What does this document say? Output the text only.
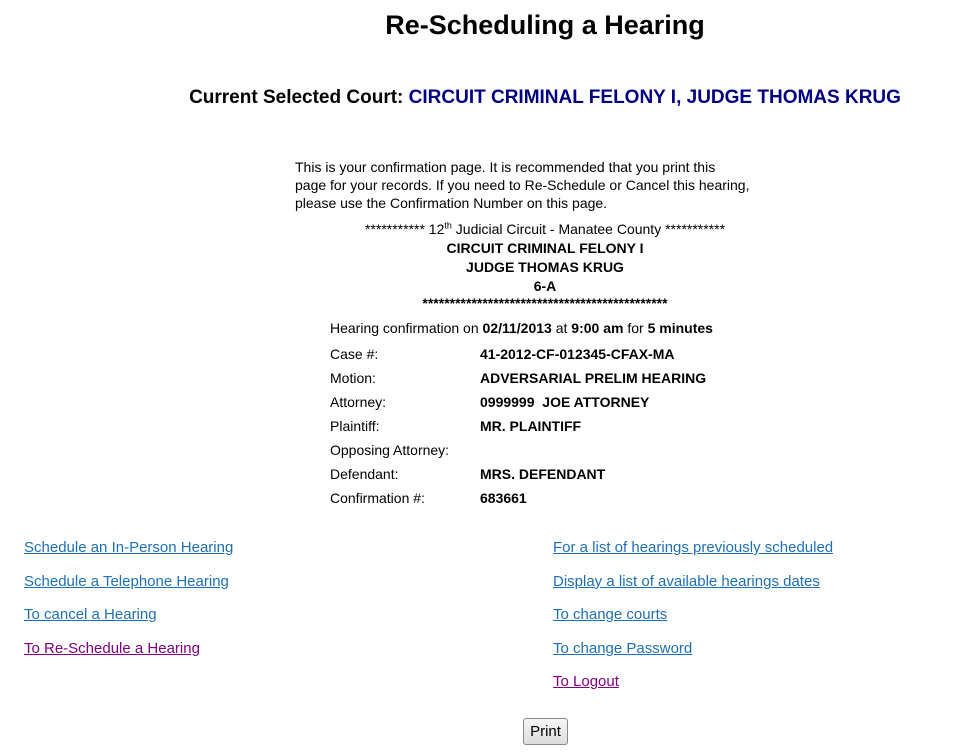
Re-Scheduling a Hearing
Current Selected Court: CIRCUIT CRIMINAL FELONY I, JUDGE THOMAS KRUG
This is your confirmation page. It is recommended that you print this
page for your records. If you need to Re-Schedule or Cancel this hearing,
please use the Confirmation Number on this page.
*********** 12th Judicial Circuit - Manatee County ***********
CIRCUIT CRIMINAL FELONY I
JUDGE THOMAS KRUG
6-A
*********************************************
Hearing confirmation on 02/11/2013 at 9:00 am for 5 minutes
Case #:	41-2012-CF-012345-CFAX-MA
Motion:	ADVERSARIAL PRELIM HEARING
Attorney:	0999999  JOE ATTORNEY
Plaintiff:	MR. PLAINTIFF
Opposing Attorney:	
Defendant:	MRS. DEFENDANT
Confirmation #:	683661
Schedule an In-Person Hearing
Schedule a Telephone Hearing
To cancel a Hearing
To Re-Schedule a Hearing
For a list of hearings previously scheduled
Display a list of available hearings dates
To change courts
To change Password
To Logout
Print
